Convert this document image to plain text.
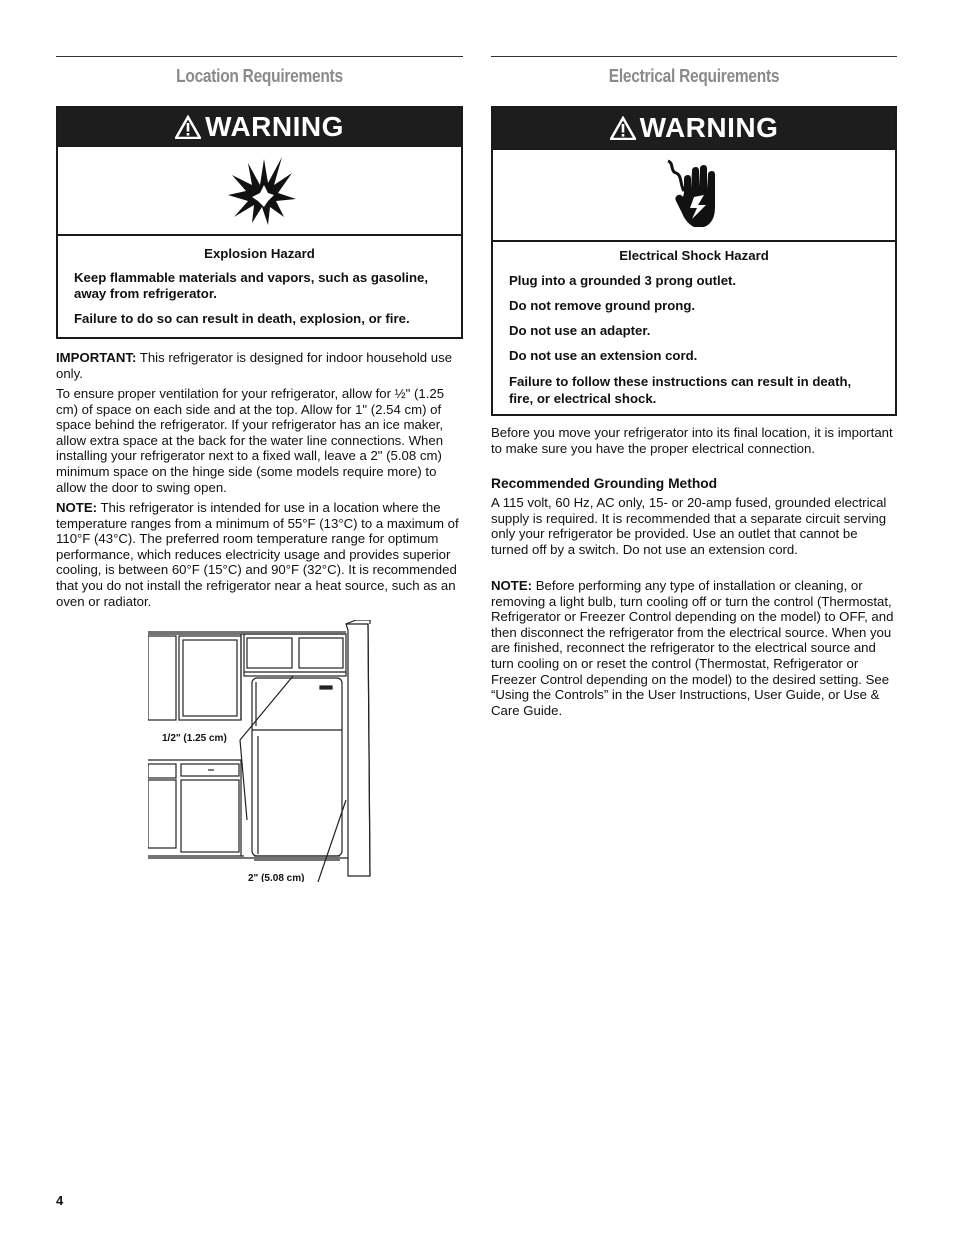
Location Requirements
WARNING

Explosion Hazard

Keep flammable materials and vapors, such as gasoline, away from refrigerator.

Failure to do so can result in death, explosion, or fire.

IMPORTANT: This refrigerator is designed for indoor household use only.

To ensure proper ventilation for your refrigerator, allow for ½" (1.25 cm) of space on each side and at the top. Allow for 1" (2.54 cm) of space behind the refrigerator. If your refrigerator has an ice maker, allow extra space at the back for the water line connections. When installing your refrigerator next to a fixed wall, leave a 2" (5.08 cm) minimum space on the hinge side (some models require more) to allow the door to swing open.

NOTE: This refrigerator is intended for use in a location where the temperature ranges from a minimum of 55°F (13°C) to a maximum of 110°F (43°C). The preferred room temperature range for optimum performance, which reduces electricity usage and provides superior cooling, is between 60°F (15°C) and 90°F (32°C). It is recommended that you do not install the refrigerator near a heat source, such as an oven or radiator.

1/2" (1.25 cm)
2" (5.08 cm)
Electrical Requirements
WARNING

Electrical Shock Hazard

Plug into a grounded 3 prong outlet.

Do not remove ground prong.

Do not use an adapter.

Do not use an extension cord.

Failure to follow these instructions can result in death, fire, or electrical shock.

Before you move your refrigerator into its final location, it is important to make sure you have the proper electrical connection.

Recommended Grounding Method

A 115 volt, 60 Hz, AC only, 15- or 20-amp fused, grounded electrical supply is required. It is recommended that a separate circuit serving only your refrigerator be provided. Use an outlet that cannot be turned off by a switch. Do not use an extension cord.

NOTE: Before performing any type of installation or cleaning, or removing a light bulb, turn cooling off or turn the control (Thermostat, Refrigerator or Freezer Control depending on the model) to OFF, and then disconnect the refrigerator from the electrical source. When you are finished, reconnect the refrigerator to the electrical source and turn cooling on or reset the control (Thermostat, Refrigerator or Freezer Control depending on the model) to the desired setting. See “Using the Controls” in the User Instructions, User Guide, or Use & Care Guide.

4
